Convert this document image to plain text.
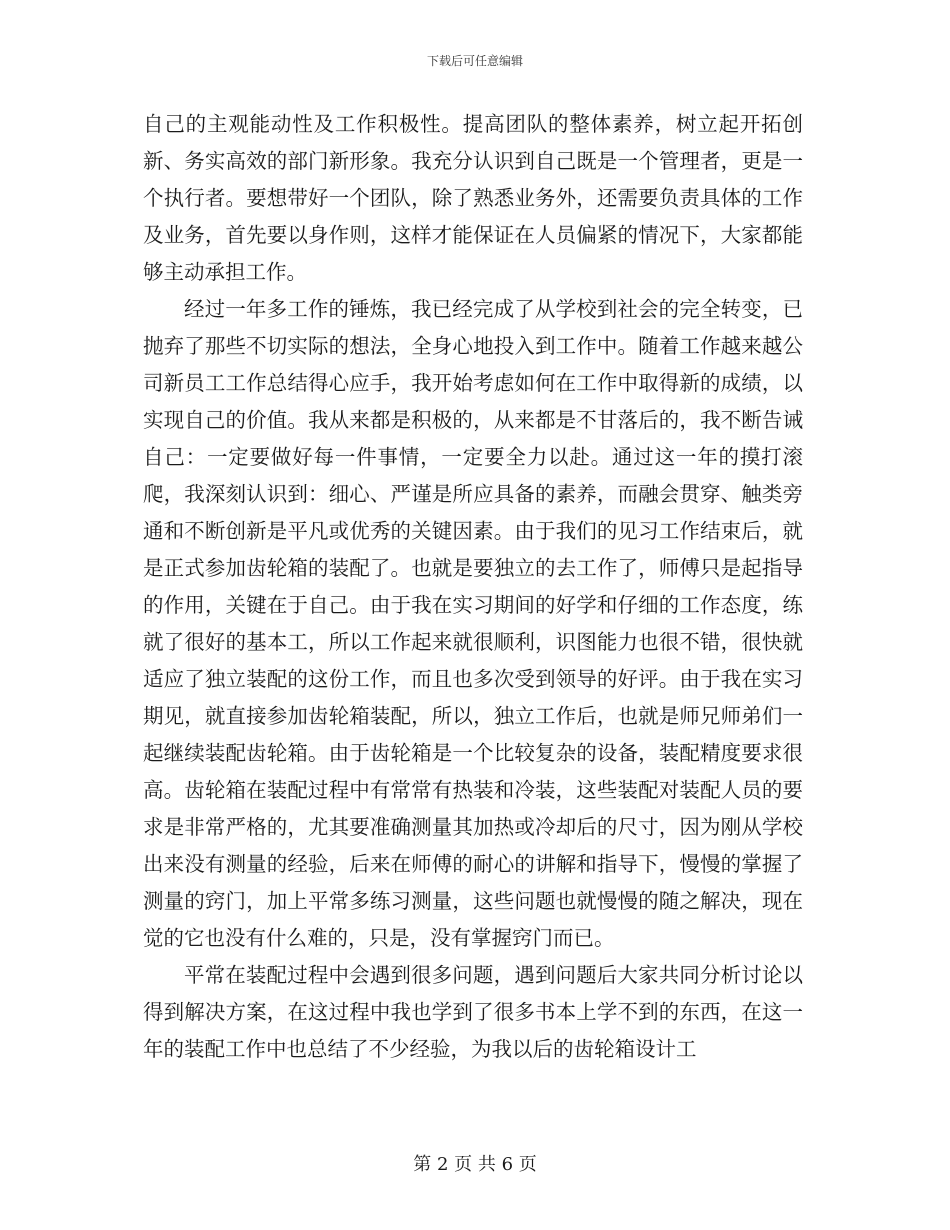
下载后可任意编辑

自己的主观能动性及工作积极性。提高团队的整体素养，树立起开拓创新、务实高效的部门新形象。我充分认识到自己既是一个管理者，更是一个执行者。要想带好一个团队，除了熟悉业务外，还需要负责具体的工作及业务，首先要以身作则，这样才能保证在人员偏紧的情况下，大家都能够主动承担工作。

经过一年多工作的锤炼，我已经完成了从学校到社会的完全转变，已抛弃了那些不切实际的想法，全身心地投入到工作中。随着工作越来越公司新员工工作总结得心应手，我开始考虑如何在工作中取得新的成绩，以实现自己的价值。我从来都是积极的，从来都是不甘落后的，我不断告诫自己：一定要做好每一件事情，一定要全力以赴。通过这一年的摸打滚爬，我深刻认识到：细心、严谨是所应具备的素养，而融会贯穿、触类旁通和不断创新是平凡或优秀的关键因素。由于我们的见习工作结束后，就是正式参加齿轮箱的装配了。也就是要独立的去工作了，师傅只是起指导的作用，关键在于自己。由于我在实习期间的好学和仔细的工作态度，练就了很好的基本工，所以工作起来就很顺利，识图能力也很不错，很快就适应了独立装配的这份工作，而且也多次受到领导的好评。由于我在实习期见，就直接参加齿轮箱装配，所以，独立工作后，也就是师兄师弟们一起继续装配齿轮箱。由于齿轮箱是一个比较复杂的设备，装配精度要求很高。齿轮箱在装配过程中有常常有热装和冷装，这些装配对装配人员的要求是非常严格的，尤其要准确测量其加热或冷却后的尺寸，因为刚从学校出来没有测量的经验，后来在师傅的耐心的讲解和指导下，慢慢的掌握了测量的窍门，加上平常多练习测量，这些问题也就慢慢的随之解决，现在觉的它也没有什么难的，只是，没有掌握窍门而已。

平常在装配过程中会遇到很多问题，遇到问题后大家共同分析讨论以得到解决方案，在这过程中我也学到了很多书本上学不到的东西，在这一年的装配工作中也总结了不少经验，为我以后的齿轮箱设计工

第 2 页 共 6 页
